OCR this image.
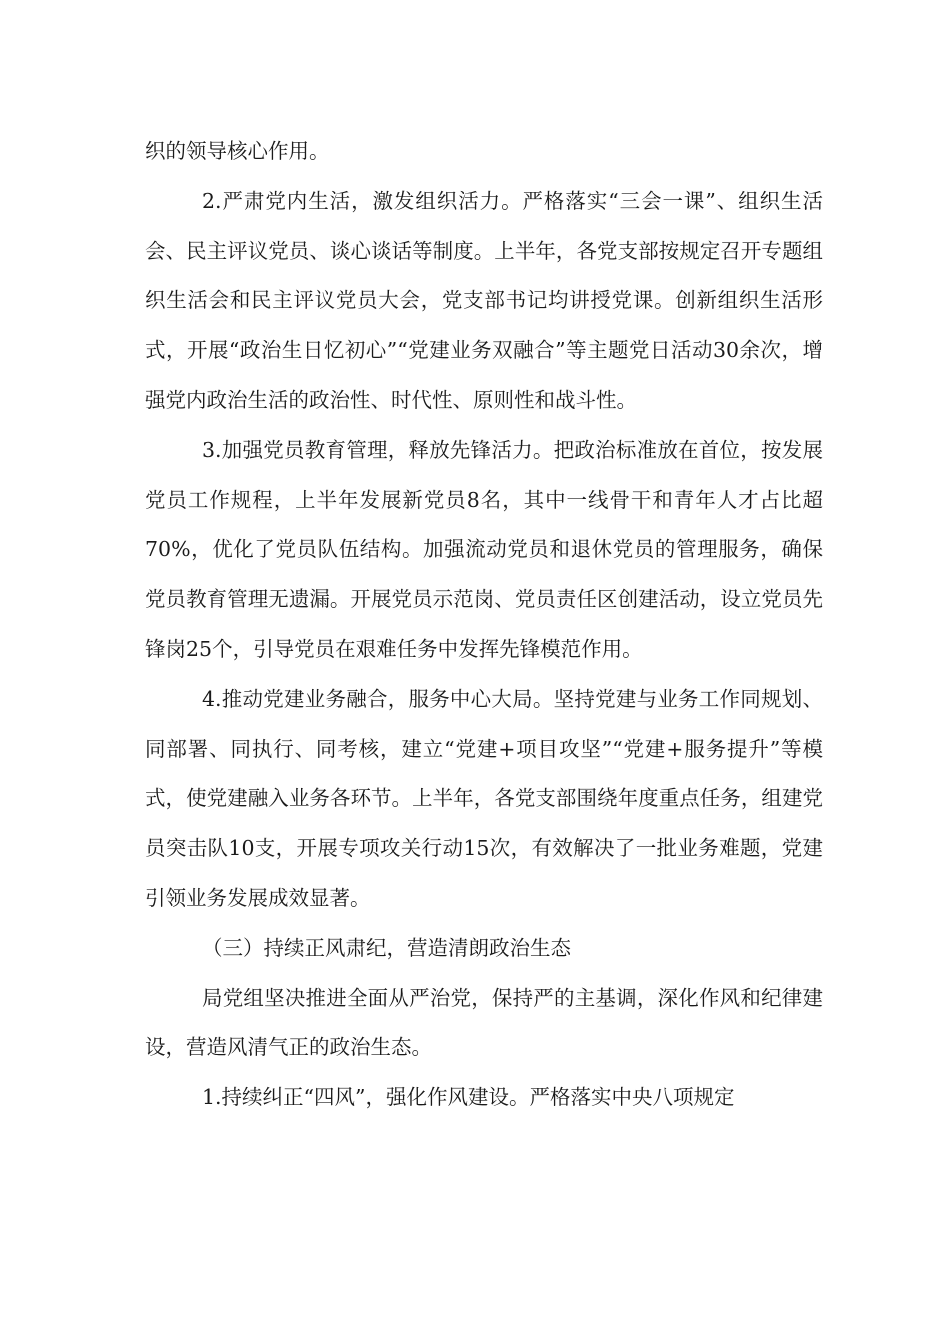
织的领导核心作用。

2.严肃党内生活，激发组织活力。严格落实“三会一课”、组织生活会、民主评议党员、谈心谈话等制度。上半年，各党支部按规定召开专题组织生活会和民主评议党员大会，党支部书记均讲授党课。创新组织生活形式，开展“政治生日忆初心”“党建业务双融合”等主题党日活动30余次，增强党内政治生活的政治性、时代性、原则性和战斗性。

3.加强党员教育管理，释放先锋活力。把政治标准放在首位，按发展党员工作规程，上半年发展新党员8名，其中一线骨干和青年人才占比超70%，优化了党员队伍结构。加强流动党员和退休党员的管理服务，确保党员教育管理无遗漏。开展党员示范岗、党员责任区创建活动，设立党员先锋岗25个，引导党员在艰难任务中发挥先锋模范作用。

4.推动党建业务融合，服务中心大局。坚持党建与业务工作同规划、同部署、同执行、同考核，建立“党建+项目攻坚”“党建+服务提升”等模式，使党建融入业务各环节。上半年，各党支部围绕年度重点任务，组建党员突击队10支，开展专项攻关行动15次，有效解决了一批业务难题，党建引领业务发展成效显著。

（三）持续正风肃纪，营造清朗政治生态

局党组坚决推进全面从严治党，保持严的主基调，深化作风和纪律建设，营造风清气正的政治生态。

1.持续纠正“四风”，强化作风建设。严格落实中央八项规定
